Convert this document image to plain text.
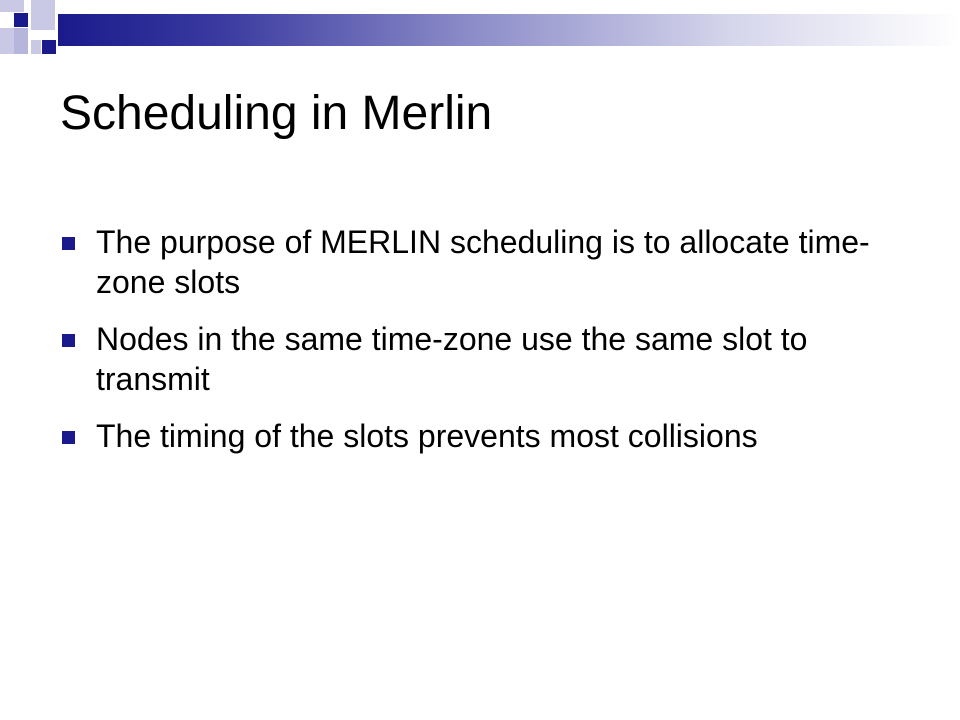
Scheduling in Merlin
The purpose of MERLIN scheduling is to allocate time-zone slots
Nodes in the same time-zone use the same slot to transmit
The timing of the slots prevents most collisions
